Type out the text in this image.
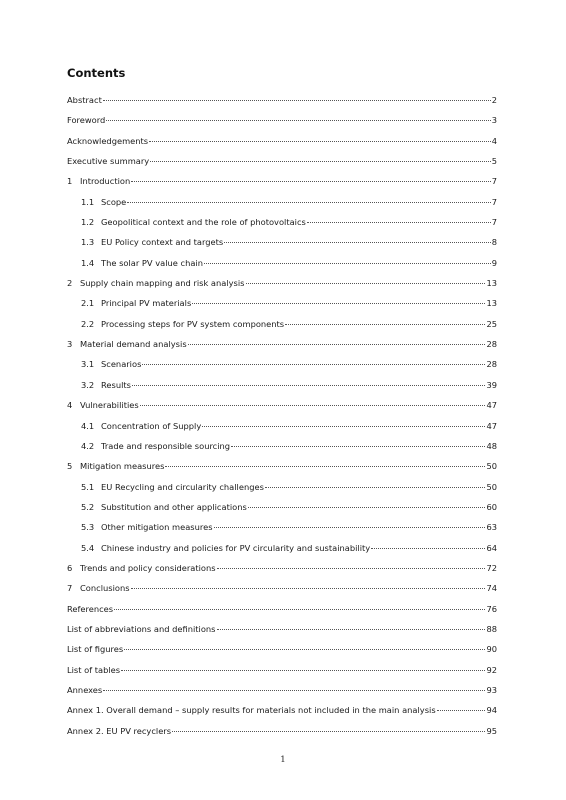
Contents
Abstract	2
Foreword	3
Acknowledgements	4
Executive summary	5
1 Introduction	7
1.1 Scope	7
1.2 Geopolitical context and the role of photovoltaics	7
1.3 EU Policy context and targets	8
1.4 The solar PV value chain	9
2 Supply chain mapping and risk analysis	13
2.1 Principal PV materials	13
2.2 Processing steps for PV system components	25
3 Material demand analysis	28
3.1 Scenarios	28
3.2 Results	39
4 Vulnerabilities	47
4.1 Concentration of Supply	47
4.2 Trade and responsible sourcing	48
5 Mitigation measures	50
5.1 EU Recycling and circularity challenges	50
5.2 Substitution and other applications	60
5.3 Other mitigation measures	63
5.4 Chinese industry and policies for PV circularity and sustainability	64
6 Trends and policy considerations	72
7 Conclusions	74
References	76
List of abbreviations and definitions	88
List of figures	90
List of tables	92
Annexes	93
Annex 1. Overall demand – supply results for materials not included in the main analysis	94
Annex 2. EU PV recyclers	95
1
